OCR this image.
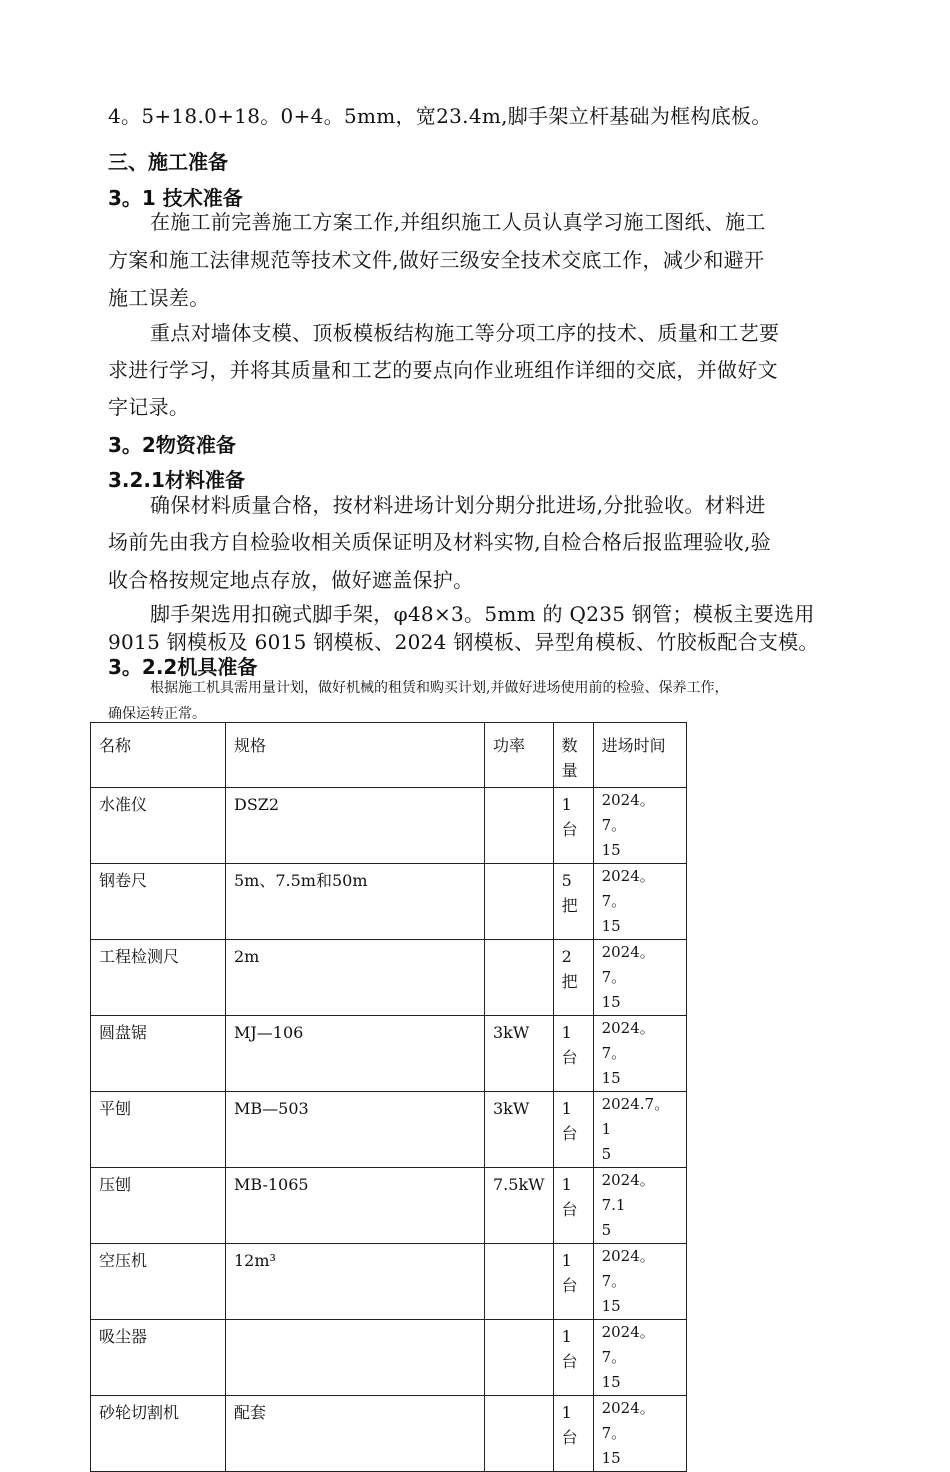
4。5+18.0+18。0+4。5mm，宽23.4m,脚手架立杆基础为框构底板。
三、施工准备
3。1 技术准备
在施工前完善施工方案工作,并组织施工人员认真学习施工图纸、施工
方案和施工法律规范等技术文件,做好三级安全技术交底工作，减少和避开
施工误差。
重点对墙体支模、顶板模板结构施工等分项工序的技术、质量和工艺要
求进行学习，并将其质量和工艺的要点向作业班组作详细的交底，并做好文
字记录。
3。2物资准备
3.2.1材料准备
确保材料质量合格，按材料进场计划分期分批进场,分批验收。材料进
场前先由我方自检验收相关质保证明及材料实物,自检合格后报监理验收,验
收合格按规定地点存放，做好遮盖保护。
脚手架选用扣碗式脚手架，φ48×3。5mm 的 Q235 钢管；模板主要选用
9015 钢模板及 6015 钢模板、2024 钢模板、异型角模板、竹胶板配合支模。
3。2.2机具准备
根据施工机具需用量计划，做好机械的租赁和购买计划,并做好进场使用前的检验、保养工作，
确保运转正常。
名称	规格	功率	数量	进场时间
水准仪	DSZ2		1台	2024。7。
15

钢卷尺	5m、7.5m和50m		5把	2024。7。
15

工程检测尺	2m		2把	2024。7。
15

圆盘锯	MJ—106	3kW	1台	2024。7。
15

平刨	MB—503	3kW	1台	2024.7。1
5

压刨	MB-1065	7.5kW	1台	2024。7.1
5

空压机	12m³		1台	2024。7。
15

吸尘器			1台	2024。7。
15

砂轮切割机	配套		1台	2024。7。
15
